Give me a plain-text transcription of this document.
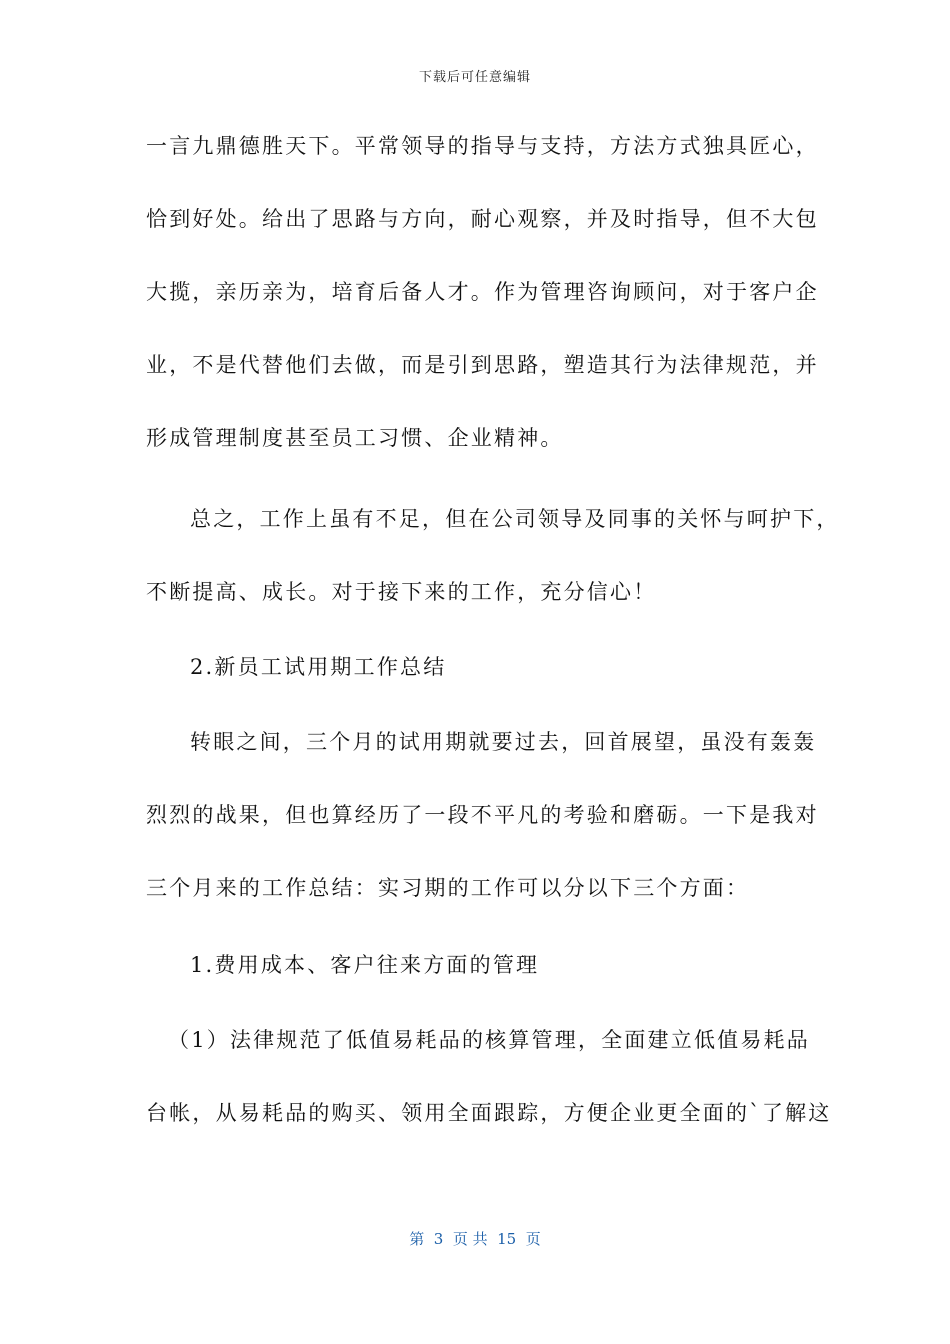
下载后可任意编辑
一言九鼎德胜天下。平常领导的指导与支持，方法方式独具匠心，
恰到好处。给出了思路与方向，耐心观察，并及时指导，但不大包
大揽，亲历亲为，培育后备人才。作为管理咨询顾问，对于客户企
业，不是代替他们去做，而是引到思路，塑造其行为法律规范，并
形成管理制度甚至员工习惯、企业精神。
总之，工作上虽有不足，但在公司领导及同事的关怀与呵护下，
不断提高、成长。对于接下来的工作，充分信心！
2.新员工试用期工作总结
转眼之间，三个月的试用期就要过去，回首展望，虽没有轰轰
烈烈的战果，但也算经历了一段不平凡的考验和磨砺。一下是我对
三个月来的工作总结：实习期的工作可以分以下三个方面：
1.费用成本、客户往来方面的管理
（1）法律规范了低值易耗品的核算管理，全面建立低值易耗品
台帐，从易耗品的购买、领用全面跟踪，方便企业更全面的`了解这
第  3  页 共  15  页
